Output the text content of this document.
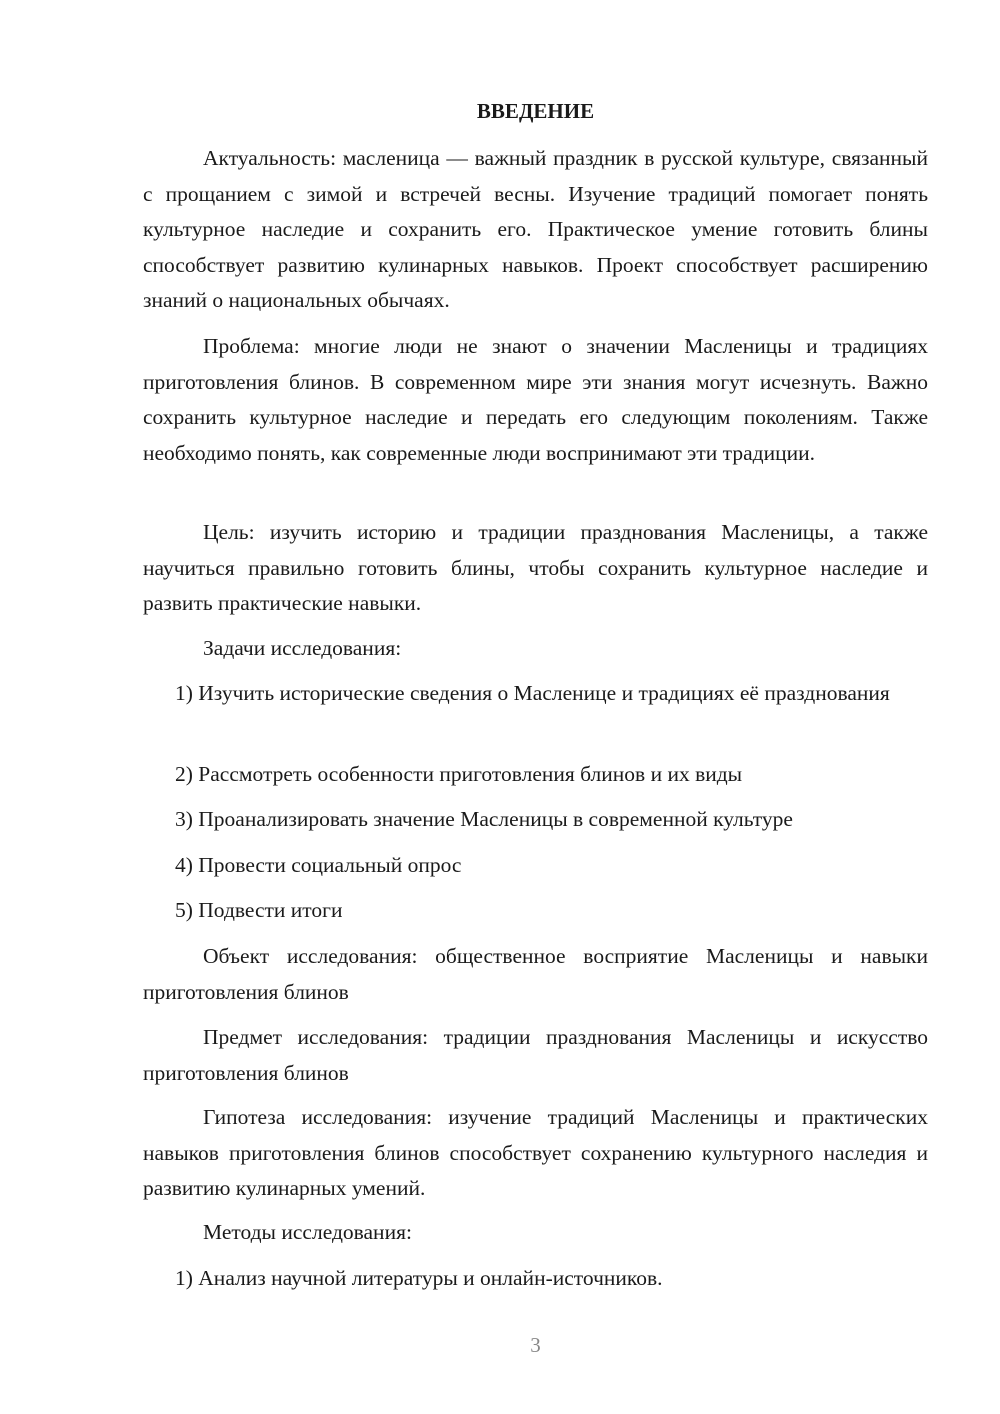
ВВЕДЕНИЕ
Актуальность: масленица — важный праздник в русской культуре, связанный с прощанием с зимой и встречей весны. Изучение традиций помогает понять культурное наследие и сохранить его. Практическое умение готовить блины способствует развитию кулинарных навыков. Проект способствует расширению знаний о национальных обычаях.
Проблема: многие люди не знают о значении Масленицы и традициях приготовления блинов. В современном мире эти знания могут исчезнуть. Важно сохранить культурное наследие и передать его следующим поколениям. Также необходимо понять, как современные люди воспринимают эти традиции.
Цель: изучить историю и традиции празднования Масленицы, а также научиться правильно готовить блины, чтобы сохранить культурное наследие и развить практические навыки.
Задачи исследования:
1) Изучить исторические сведения о Масленице и традициях её празднования
2) Рассмотреть особенности приготовления блинов и их виды
3) Проанализировать значение Масленицы в современной культуре
4) Провести социальный опрос
5) Подвести итоги
Объект исследования: общественное восприятие Масленицы и навыки приготовления блинов
Предмет исследования: традиции празднования Масленицы и искусство приготовления блинов
Гипотеза исследования: изучение традиций Масленицы и практических навыков приготовления блинов способствует сохранению культурного наследия и развитию кулинарных умений.
Методы исследования:
1) Анализ научной литературы и онлайн-источников.
3
